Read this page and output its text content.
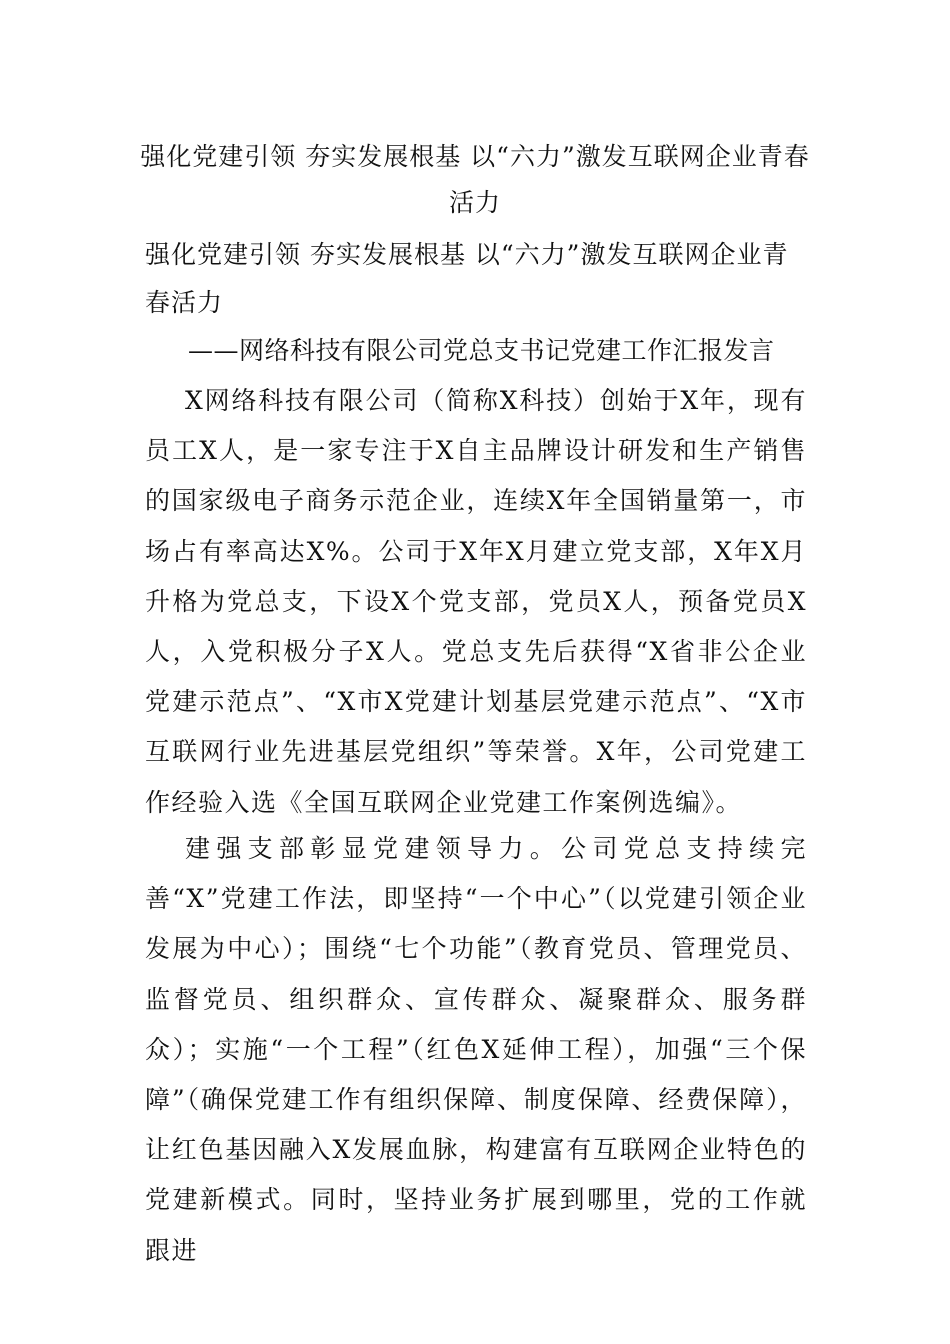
强化党建引领 夯实发展根基 以“六力”激发互联网企业青春活力
强化党建引领 夯实发展根基 以“六力”激发互联网企业青春活力
——网络科技有限公司党总支书记党建工作汇报发言

X网络科技有限公司（简称X科技）创始于X年，现有员工X人，是一家专注于X自主品牌设计研发和生产销售的国家级电子商务示范企业，连续X年全国销量第一，市场占有率高达X%。公司于X年X月建立党支部，X年X月升格为党总支，下设X个党支部，党员X人，预备党员X人，入党积极分子X人。党总支先后获得“X省非公企业党建示范点”、“X市X党建计划基层党建示范点”、“X市互联网行业先进基层党组织”等荣誉。X年，公司党建工作经验入选《全国互联网企业党建工作案例选编》。

建强支部彰显党建领导力。公司党总支持续完善“X”党建工作法，即坚持“一个中心”（以党建引领企业发展为中心）；围绕“七个功能”（教育党员、管理党员、监督党员、组织群众、宣传群众、凝聚群众、服务群众）；实施“一个工程”（红色X延伸工程），加强“三个保障”（确保党建工作有组织保障、制度保障、经费保障），让红色基因融入X发展血脉，构建富有互联网企业特色的党建新模式。同时，坚持业务扩展到哪里，党的工作就跟进
